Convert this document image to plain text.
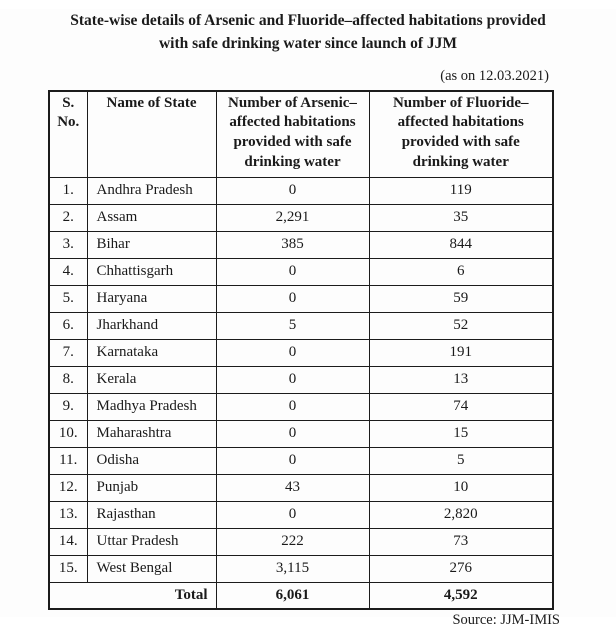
State-wise details of Arsenic and Fluoride–affected habitations provided
with safe drinking water since launch of JJM
(as on 12.03.2021)
S. No.	Name of State	Number of Arsenic–affected habitations provided with safe drinking water	Number of Fluoride–affected habitations provided with safe drinking water
1.	Andhra Pradesh	0	119
2.	Assam	2,291	35
3.	Bihar	385	844
4.	Chhattisgarh	0	6
5.	Haryana	0	59
6.	Jharkhand	5	52
7.	Karnataka	0	191
8.	Kerala	0	13
9.	Madhya Pradesh	0	74
10.	Maharashtra	0	15
11.	Odisha	0	5
12.	Punjab	43	10
13.	Rajasthan	0	2,820
14.	Uttar Pradesh	222	73
15.	West Bengal	3,115	276
Total		6,061	4,592
Source: JJM-IMIS
